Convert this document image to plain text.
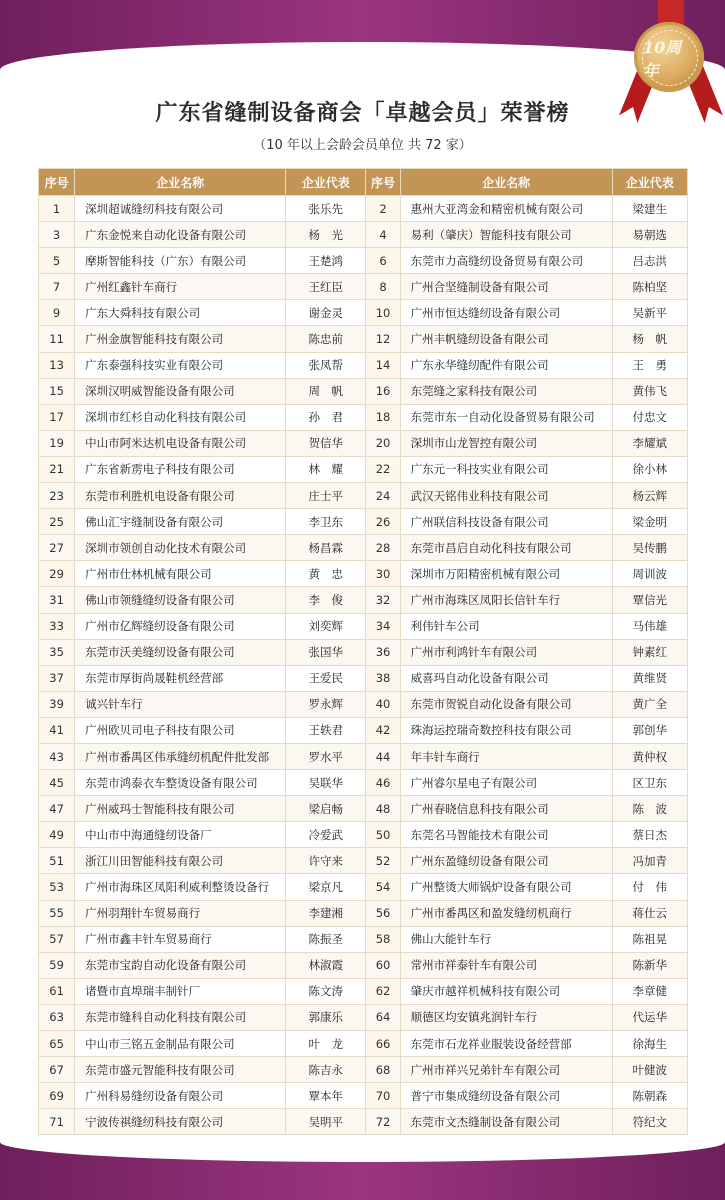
10周年
广东省缝制设备商会「卓越会员」荣誉榜
（10 年以上会龄会员单位 共 72 家）
序号	企业名称	企业代表	序号	企业名称	企业代表
1	深圳超诚缝纫科技有限公司	张乐先	2	惠州大亚湾金和精密机械有限公司	梁建生
3	广东金悦来自动化设备有限公司	杨　光	4	易利（肇庆）智能科技有限公司	易朝选
5	摩斯智能科技（广东）有限公司	王楚鸿	6	东莞市力高缝纫设备贸易有限公司	吕志洪
7	广州红鑫针车商行	王红臣	8	广州合坚缝制设备有限公司	陈柏坚
9	广东大舜科技有限公司	谢金灵	10	广州市恒达缝纫设备有限公司	吴新平
11	广州金旗智能科技有限公司	陈忠前	12	广州丰帆缝纫设备有限公司	杨　帆
13	广东泰强科技实业有限公司	张凤帮	14	广东永华缝纫配件有限公司	王　勇
15	深圳汉明威智能设备有限公司	周　帆	16	东莞缝之家科技有限公司	黄伟飞
17	深圳市红杉自动化科技有限公司	孙　君	18	东莞市东一自动化设备贸易有限公司	付忠文
19	中山市阿米达机电设备有限公司	贺信华	20	深圳市山龙智控有限公司	李耀斌
21	广东省新雳电子科技有限公司	林　耀	22	广东元一科技实业有限公司	徐小林
23	东莞市利胜机电设备有限公司	庄士平	24	武汉天铭伟业科技有限公司	杨云辉
25	佛山汇宇缝制设备有限公司	李卫东	26	广州联信科技设备有限公司	梁金明
27	深圳市领创自动化技术有限公司	杨昌霖	28	东莞市昌启自动化科技有限公司	吴传鹏
29	广州市仕林机械有限公司	黄　忠	30	深圳市万阳精密机械有限公司	周训波
31	佛山市领缝缝纫设备有限公司	李　俊	32	广州市海珠区凤阳长信针车行	覃信光
33	广州市亿辉缝纫设备有限公司	刘奕辉	34	利伟针车公司	马伟雄
35	东莞市沃美缝纫设备有限公司	张国华	36	广州市利鸿针车有限公司	钟素红
37	东莞市厚街尚晟鞋机经营部	王爱民	38	威喜玛自动化设备有限公司	黄维贤
39	诚兴针车行	罗永辉	40	东莞市贺锐自动化设备有限公司	黄广全
41	广州欧贝司电子科技有限公司	王轶君	42	珠海运控瑞奇数控科技有限公司	郭创华
43	广州市番禺区伟承缝纫机配件批发部	罗水平	44	年丰针车商行	黄仲权
45	东莞市鸿泰衣车整烫设备有限公司	吴联华	46	广州睿尔星电子有限公司	区卫东
47	广州威玛士智能科技有限公司	梁启畅	48	广州春晓信息科技有限公司	陈　波
49	中山市中海通缝纫设备厂	冷爱武	50	东莞名马智能技术有限公司	蔡日杰
51	浙江川田智能科技有限公司	许守来	52	广州东盈缝纫设备有限公司	冯加青
53	广州市海珠区凤阳利威利整烫设备行	梁京凡	54	广州整烫大师锅炉设备有限公司	付　伟
55	广州羽翔针车贸易商行	李建湘	56	广州市番禺区和盈发缝纫机商行	蒋仕云
57	广州市鑫丰针车贸易商行	陈振圣	58	佛山大能针车行	陈祖晃
59	东莞市宝韵自动化设备有限公司	林淑霞	60	常州市祥泰针车有限公司	陈新华
61	诸暨市直埠瑞丰制针厂	陈文涛	62	肇庆市越祥机械科技有限公司	李章健
63	东莞市缝科自动化科技有限公司	郭康乐	64	顺德区均安镇兆润针车行	代运华
65	中山市三铭五金制品有限公司	叶　龙	66	东莞市石龙祥业服装设备经营部	徐海生
67	东莞市盛元智能科技有限公司	陈吉永	68	广州市祥兴兄弟针车有限公司	叶健波
69	广州科易缝纫设备有限公司	覃本年	70	普宁市集成缝纫设备有限公司	陈朝森
71	宁波传祺缝纫科技有限公司	吴明平	72	东莞市文杰缝制设备有限公司	符纪文
